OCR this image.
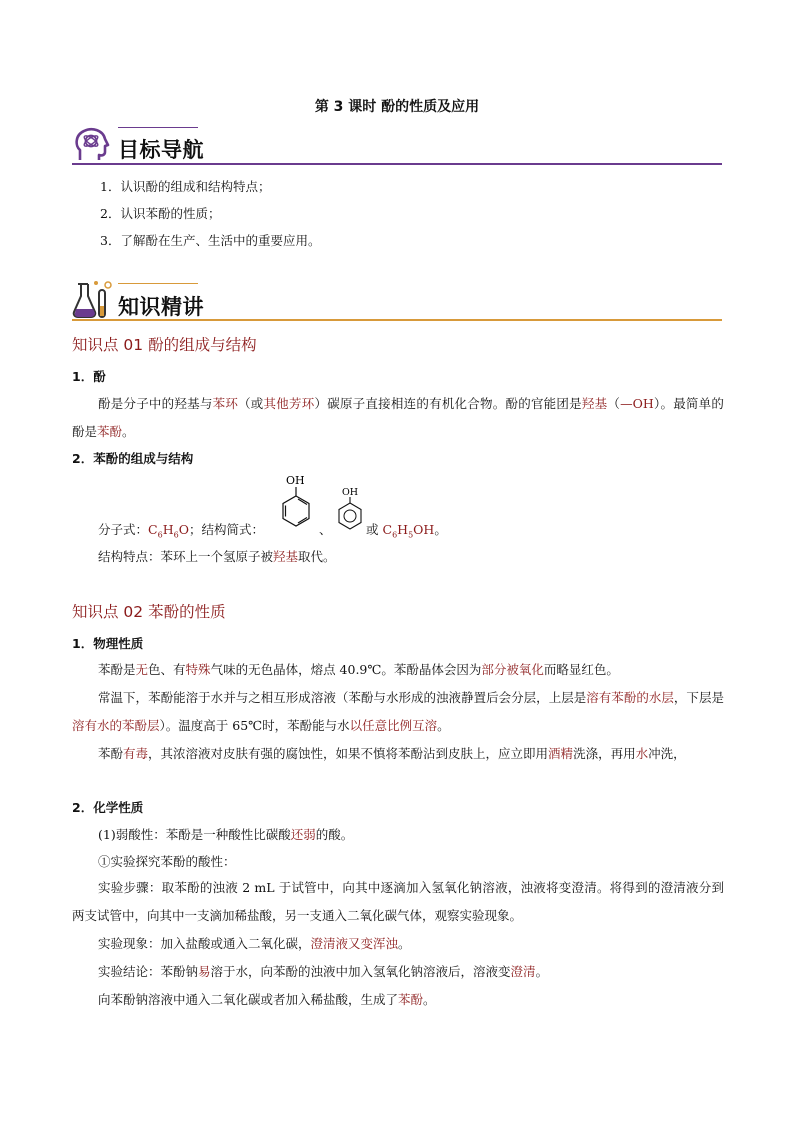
第 3 课时 酚的性质及应用
目标导航
1．认识酚的组成和结构特点；
2．认识苯酚的性质；
3．了解酚在生产、生活中的重要应用。
知识精讲
知识点 01 酚的组成与结构
1．酚
酚是分子中的羟基与苯环（或其他芳环）碳原子直接相连的有机化合物。酚的官能团是羟基（—OH）。最简单的酚是苯酚。
2．苯酚的组成与结构
OH
OH
分子式：$C_6H_6O$；结构简式：	、	或 $C_6H_5OH$。
结构特点：苯环上一个氢原子被羟基取代。
知识点 02 苯酚的性质
1．物理性质
苯酚是无色、有特殊气味的无色晶体，熔点 40.9℃。苯酚晶体会因为部分被氧化而略显红色。
常温下，苯酚能溶于水并与之相互形成溶液（苯酚与水形成的浊液静置后会分层，上层是溶有苯酚的水层，下层是溶有水的苯酚层）。温度高于 65℃时，苯酚能与水以任意比例互溶。
苯酚有毒，其浓溶液对皮肤有强的腐蚀性，如果不慎将苯酚沾到皮肤上，应立即用酒精洗涤，再用水冲洗，
2．化学性质
(1)弱酸性：苯酚是一种酸性比碳酸还弱的酸。
①实验探究苯酚的酸性：
实验步骤：取苯酚的浊液 2 mL 于试管中，向其中逐滴加入氢氧化钠溶液，浊液将变澄清。将得到的澄清液分到两支试管中，向其中一支滴加稀盐酸，另一支通入二氧化碳气体，观察实验现象。
实验现象：加入盐酸或通入二氧化碳，澄清液又变浑浊。
实验结论：苯酚钠易溶于水，向苯酚的浊液中加入氢氧化钠溶液后，溶液变澄清。
向苯酚钠溶液中通入二氧化碳或者加入稀盐酸，生成了苯酚。
